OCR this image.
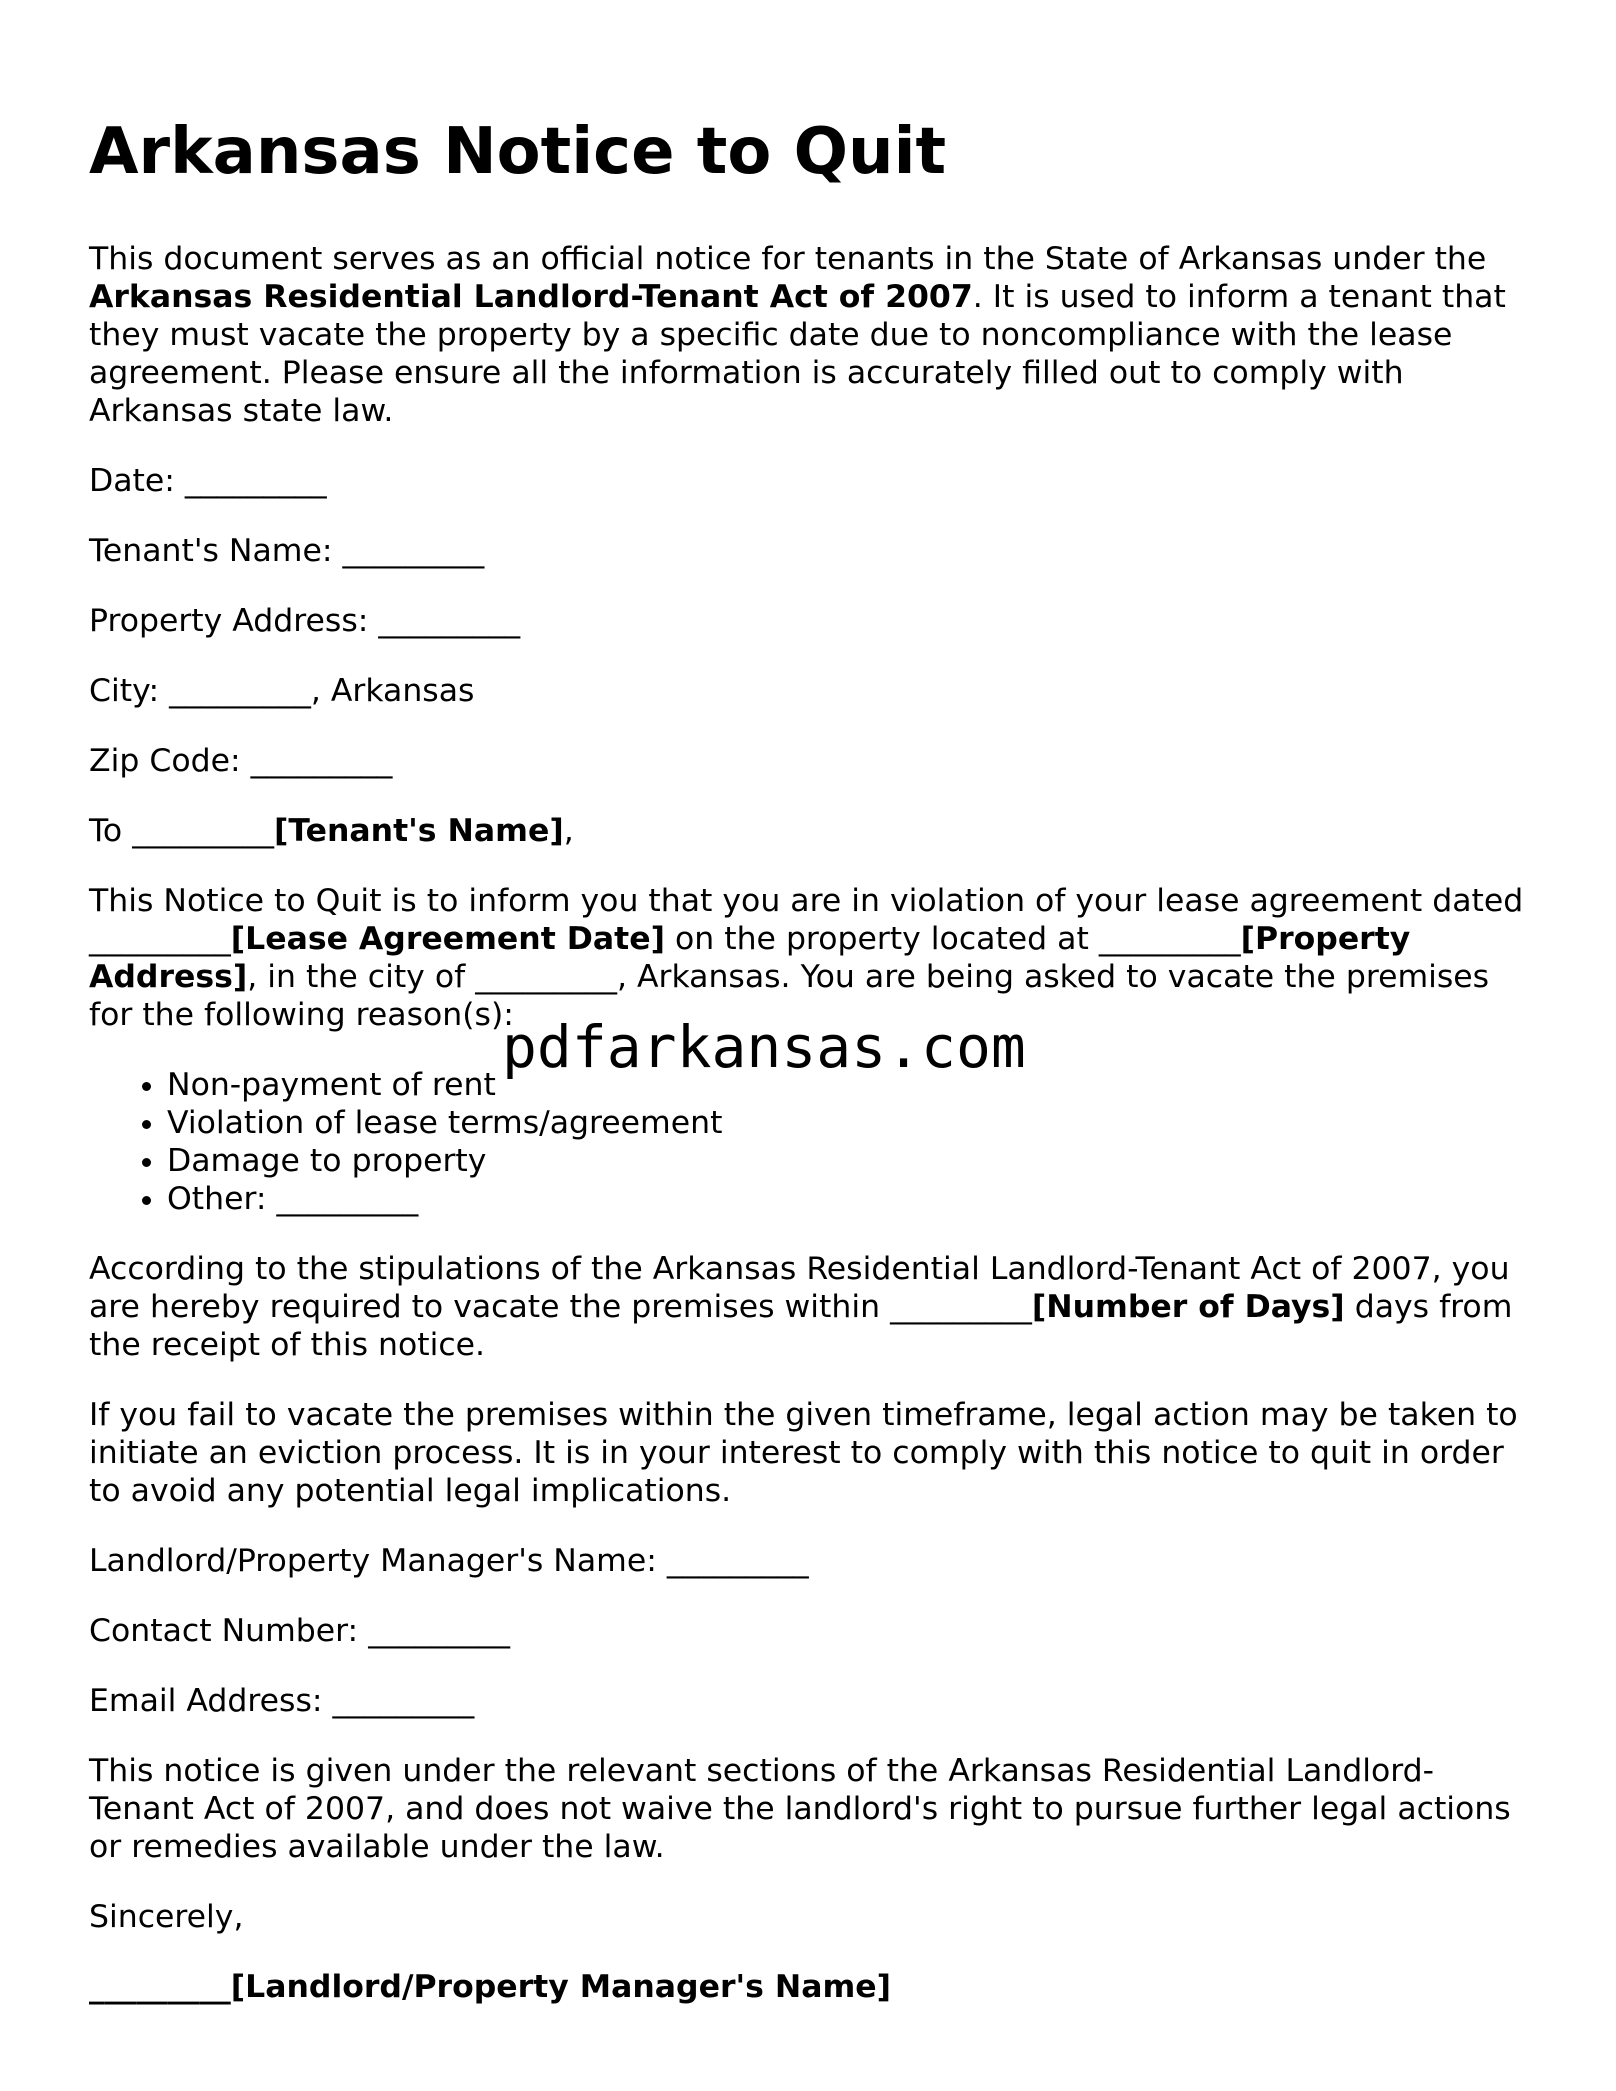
Arkansas Notice to Quit

This document serves as an official notice for tenants in the State of Arkansas under the Arkansas Residential Landlord-Tenant Act of 2007. It is used to inform a tenant that they must vacate the property by a specific date due to noncompliance with the lease agreement. Please ensure all the information is accurately filled out to comply with Arkansas state law.

Date: _________
Tenant's Name: _________
Property Address: _________
City: _________, Arkansas
Zip Code: _________
To _________[Tenant's Name],

This Notice to Quit is to inform you that you are in violation of your lease agreement dated _________[Lease Agreement Date] on the property located at _________[Property Address], in the city of _________, Arkansas. You are being asked to vacate the premises for the following reason(s):

• Non-payment of rent
• Violation of lease terms/agreement
• Damage to property
• Other: _________

According to the stipulations of the Arkansas Residential Landlord-Tenant Act of 2007, you are hereby required to vacate the premises within _________[Number of Days] days from the receipt of this notice.

If you fail to vacate the premises within the given timeframe, legal action may be taken to initiate an eviction process. It is in your interest to comply with this notice to quit in order to avoid any potential legal implications.

Landlord/Property Manager's Name: _________
Contact Number: _________
Email Address: _________

This notice is given under the relevant sections of the Arkansas Residential Landlord-Tenant Act of 2007, and does not waive the landlord's right to pursue further legal actions or remedies available under the law.

Sincerely,

_________[Landlord/Property Manager's Name]
pdfarkansas.com
